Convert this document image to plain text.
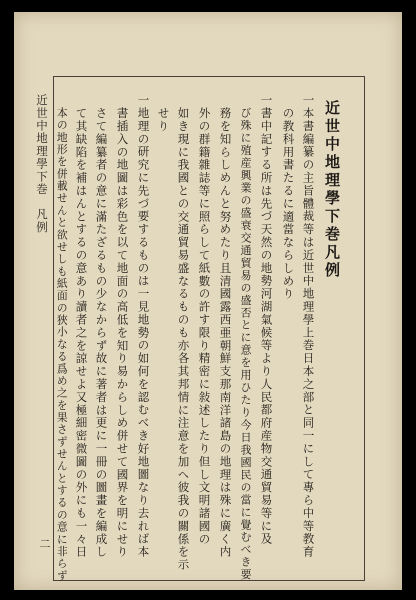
近世中地理學下巻
凡例
二
近世中地理學下巻凡例
一本書編纂の主旨體裁等は近世中地理學上巻日本之部と同一にして專ら中等教育
の教科用書たるに適當ならしめり
一書中記する所は先づ天然の地勢河湖氣候等より人民都府産物交通貿易等に及
び殊に殖産興業の盛衰交通貿易の盛否とに意を用ひたり今日我國民の當に覺むべき要
務を知らしめんと努めたり且清國露西亜朝鮮支那南洋諸島の地理は殊に廣く内
外の群籍雜誌等に照らして紙數の許す限り精密に敍述したり但し文明諸國の
如き現に我國との交通貿易盛なるものも亦各其邦情に注意を加へ彼我の關係を示
せり
一地理の研究に先づ要するものは一見地勢の如何を認むべき好地圖なり去れば本
書插入の地圖は彩色を以て地面の高低を知り易からしめ併せて國界を明にせり
さて編纂者の意に滿たざるもの少なからず故に著者は更に一冊の圖畫を編成し
て其缺陷を補はんとするの意あり讀者之を諒せよ又極細密微圖の外にも一々日
本の地形を併載せんと欲せしも紙面の狹小なる爲め之を果さずせんとするの意に非らず
